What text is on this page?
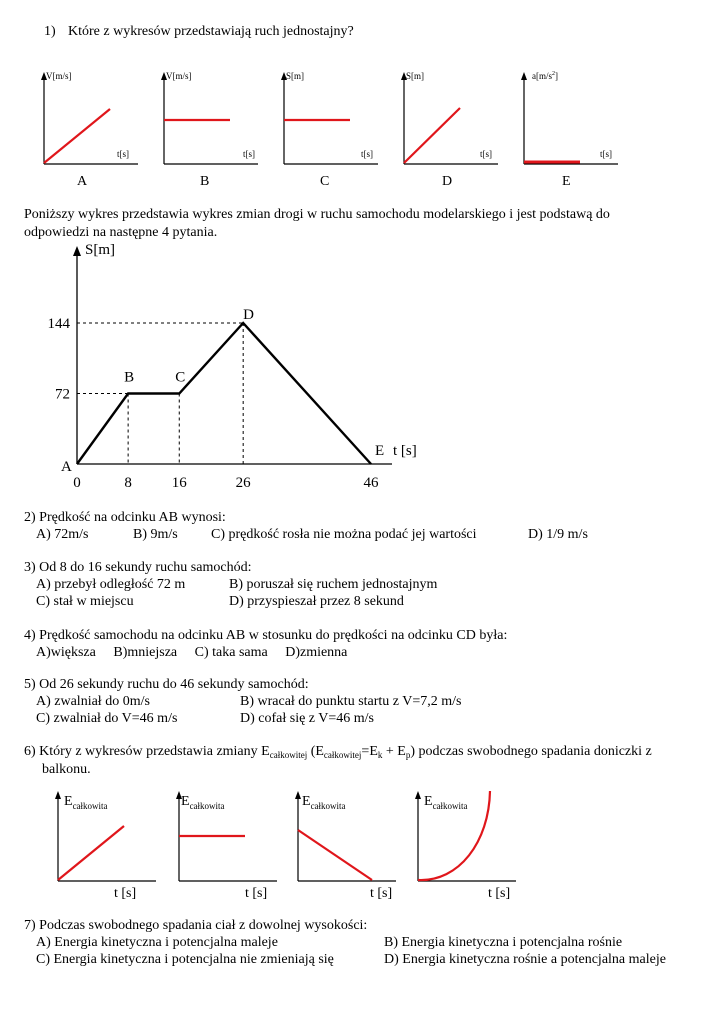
1) Które z wykresów przedstawiają ruch jednostajny?
V[m/s]
t[s]
A
V[m/s]
t[s]
B
S[m]
t[s]
C
S[m]
t[s]
D
$a[m/s^2]$
t[s]
E
Poniższy wykres przedstawia wykres zmian drogi w ruchu samochodu modelarskiego i jest podstawą do
odpowiedzi na następne 4 pytania.
S[m]
t [s]
72
144
0	8	16	26	46
A
B	C
D
E
2) Prędkość na odcinku AB wynosi:
A) 72m/s	B) 9m/s C) prędkość rosła nie można podać jej wartości	D) 1/9 m/s
3) Od 8 do 16 sekundy ruchu samochód:
A) przebył odległość 72 m	B) poruszał się ruchem jednostajnym
C) stał w miejscu	D) przyspieszał przez 8 sekund
4) Prędkość samochodu na odcinku AB w stosunku do prędkości na odcinku CD była:
A)większa     B)mniejsza     C) taka sama     D)zmienna
5) Od 26 sekundy ruchu do 46 sekundy samochód:
A) zwalniał do 0m/s	B) wracał do punktu startu z V=7,2 m/s
C) zwalniał do V=46 m/s	D) cofał się z V=46 m/s
6) Który z wykresów przedstawia zmiany $E_{całkowitej}$ $(E_{całkowitej}=E_k + E_p)$ podczas swobodnego spadania doniczki z
balkonu.
$E_{całkowita}$
t [s]
$E_{całkowita}$
t [s]
$E_{całkowita}$
t [s]
$E_{całkowita}$
t [s]
7) Podczas swobodnego spadania ciał z dowolnej wysokości:
A) Energia kinetyczna i potencjalna maleje	B) Energia kinetyczna i potencjalna rośnie
C) Energia kinetyczna i potencjalna nie zmieniają się	D) Energia kinetyczna rośnie a potencjalna maleje
